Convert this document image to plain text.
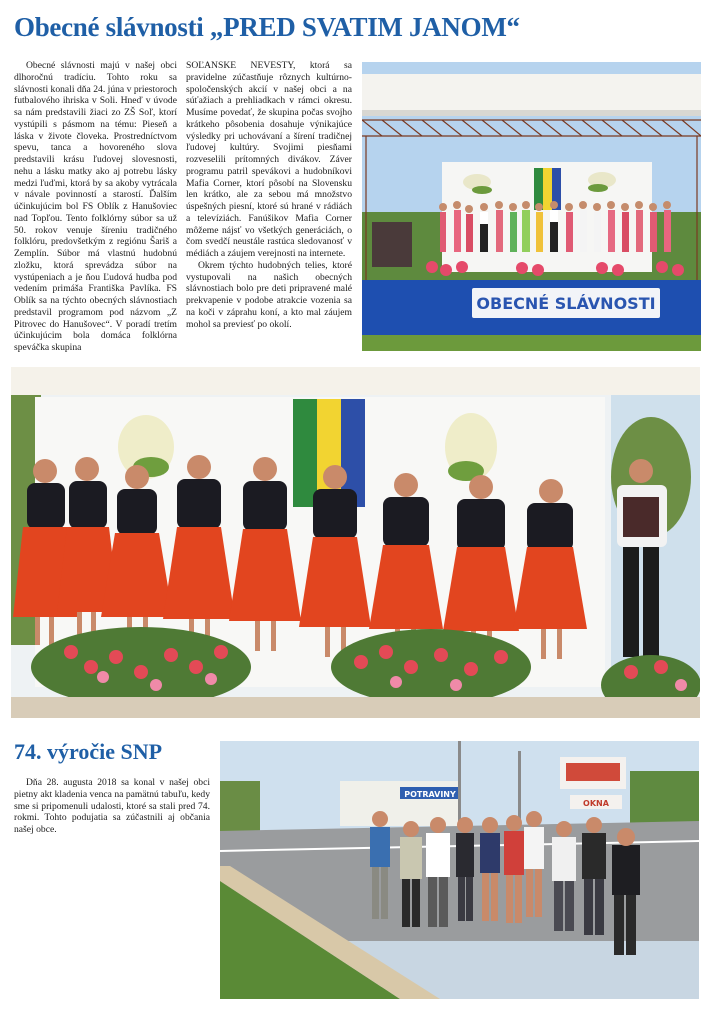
Obecné slávnosti „PRED SVATIM JANOM“

Obecné slávnosti majú v našej obci dlhoročnú tradíciu. Tohto roku sa slávnosti konali dňa 24. júna v priestoroch futbalového ihriska v Soli. Hneď v úvode sa nám predstavili žiaci zo ZŠ Soľ, ktorí vystúpili s pásmom na tému: Pieseň a láska v živote človeka. Prostredníctvom spevu, tanca a hovoreného slova predstavili krásu ľudovej slovesnosti, nehu a lásku matky ako aj potrebu lásky medzi ľuďmi, ktorá by sa akoby vytrácala v návale povinností a starostí. Ďalším účinkujúcim bol FS Oblík z Hanušoviec nad Topľou. Tento folklórny súbor sa už 50. rokov venuje šíreniu tradičného folklóru, predovšetkým z regiónu Šariš a Zemplín. Súbor má vlastnú hudobnú zložku, ktorá sprevádza súbor na vystúpeniach a je ňou Ľudová hudba pod vedením primáša Františka Pavlíka. FS Oblík sa na týchto obecných slávnostiach predstavil programom pod názvom „Z Pitrovec do Hanušovec“. V poradí tretím účinkujúcim bola domáca folklórna speváčka skupina

SOĽANSKE NEVESTY, ktorá sa pravidelne zúčastňuje rôznych kultúrno-spoločenských akcií v našej obci a na súťažiach a prehliadkach v rámci okresu. Musíme povedať, že skupina počas svojho krátkeho pôsobenia dosahuje výnikajúce výsledky pri uchovávaní a šírení tradičnej ľudovej kultúry. Svojimi piesňami rozveselili prítomných divákov. Záver programu patril spevákovi a hudobníkovi Mafia Corner, ktorí pôsobí na Slovensku len krátko, ale za sebou má množstvo úspešných piesní, ktoré sú hrané v rádiách a televíziách. Fanúšikov Mafia Corner môžeme nájsť vo všetkých generáciách, o čom svedčí neustále rastúca sledovanosť v médiách a záujem verejnosti na internete.

Okrem týchto hudobných telies, ktoré vystupovali na našich obecných slávnostiach bolo pre deti pripravené malé prekvapenie v podobe atrakcie vozenia sa na koči v záprahu koní, a kto mal záujem mohol sa previesť po okolí.

OBECNÉ SLÁVNOSTI
74. výročie SNP

Dňa 28. augusta 2018 sa konal v našej obci pietny akt kladenia venca na pamätnú tabuľu, kedy sme si pripomenuli udalosti, ktoré sa stali pred 74. rokmi. Tohto podujatia sa zúčastnili aj občania našej obce.

POTRAVINY
OKNA
